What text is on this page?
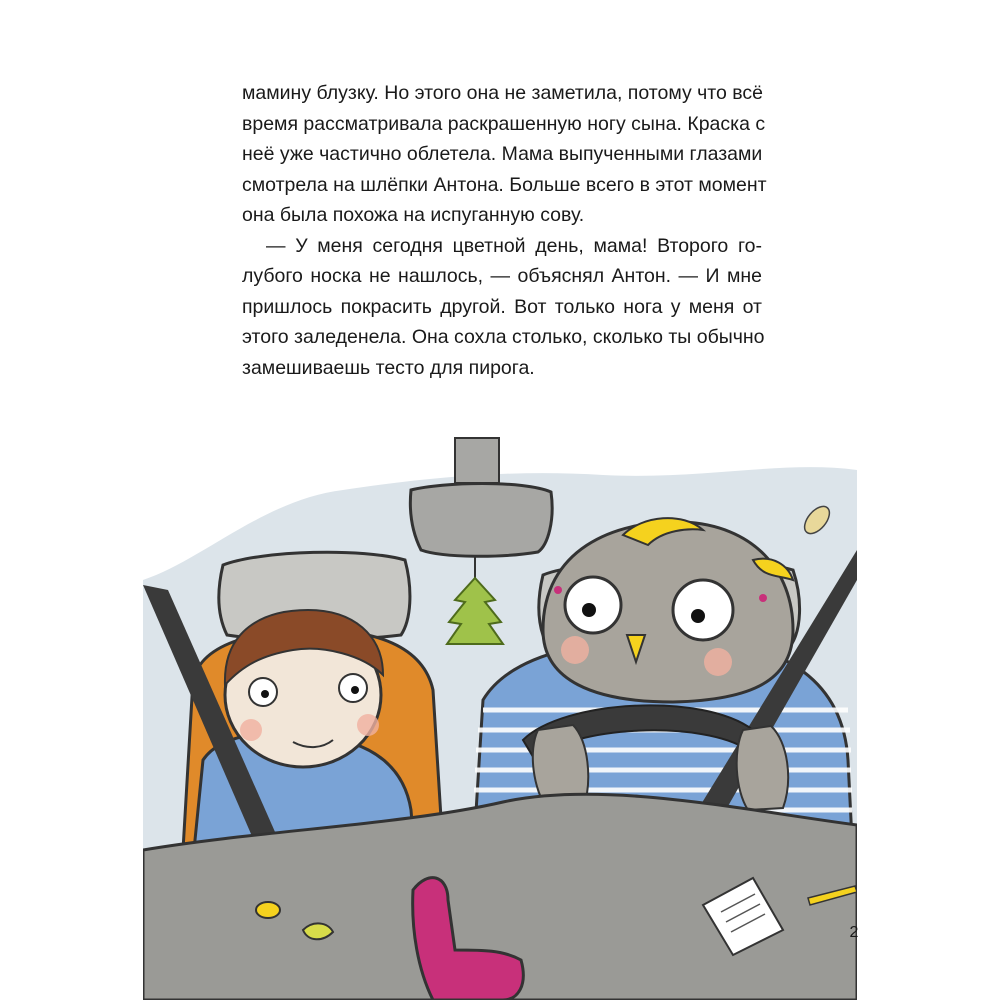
мамину блузку. Но этого она не заметила, потому что всё
время рассматривала раскрашенную ногу сына. Краска с
неё уже частично облетела. Мама выпученными глазами
смотрела на шлёпки Антона. Больше всего в этот момент
она была похожа на испуганную сову.
— У меня сегодня цветной день, мама! Второго го-
лубого носка не нашлось, — объяснял Антон. — И мне
пришлось покрасить другой. Вот только нога у меня от
этого заледенела. Она сохла столько, сколько ты обычно
замешиваешь тесто для пирога.
2
